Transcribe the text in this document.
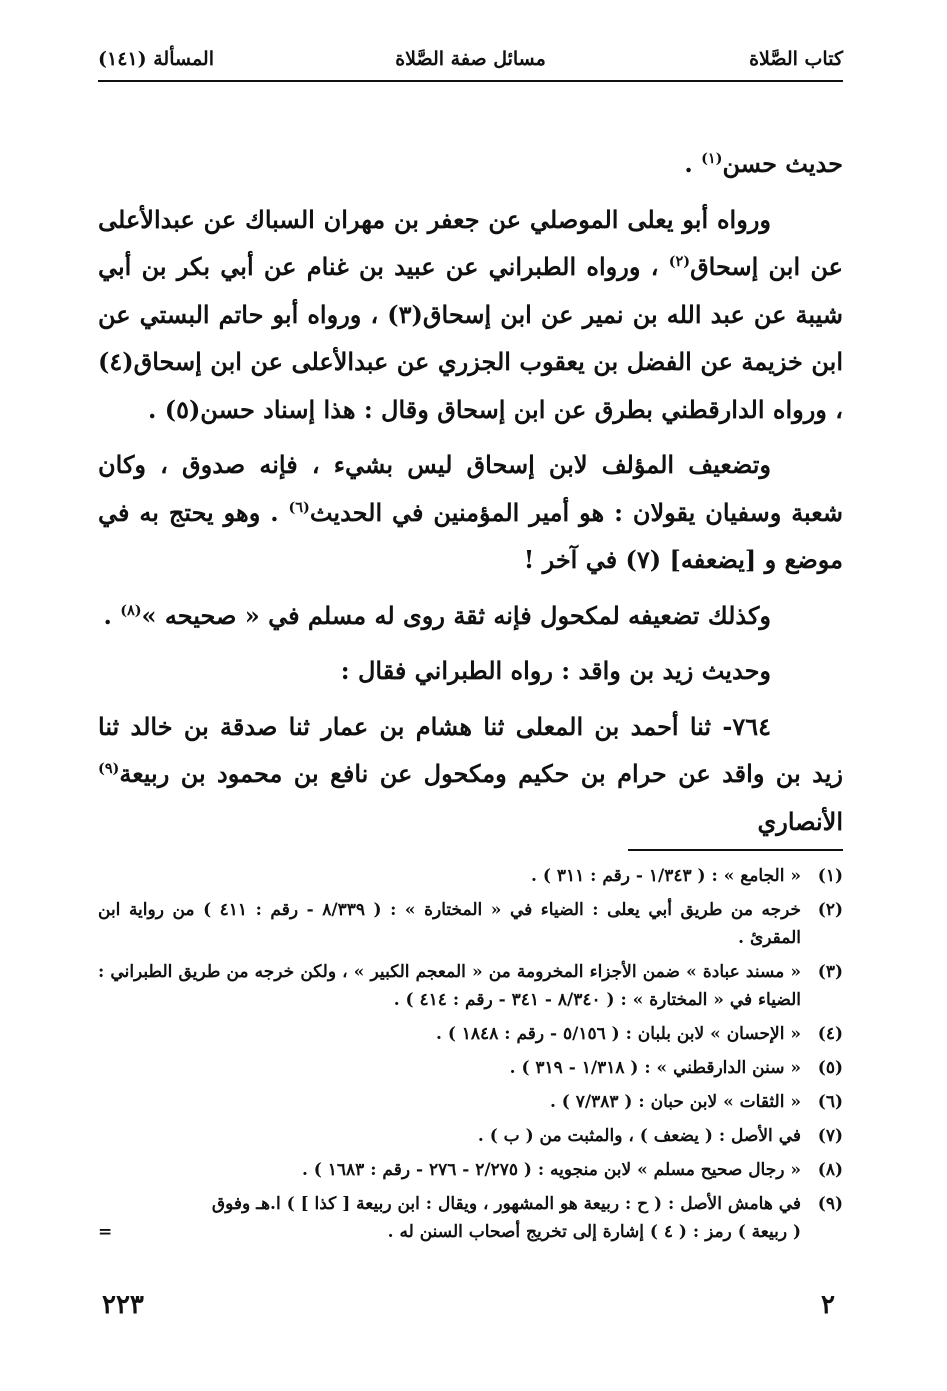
كتاب الصَّلاة
مسائل صفة الصَّلاة
المسألة (١٤١)

حديث حسن$^{(١)}$ .

ورواه أبو يعلى الموصلي عن جعفر بن مهران السباك عن عبدالأعلى عن ابن إسحاق$^{(٢)}$ ، ورواه الطبراني عن عبيد بن غنام عن أبي بكر بن أبي شيبة عن عبد الله بن نمير عن ابن إسحاق(٣) ، ورواه أبو حاتم البستي عن ابن خزيمة عن الفضل بن يعقوب الجزري عن عبدالأعلى عن ابن إسحاق(٤) ، ورواه الدارقطني بطرق عن ابن إسحاق وقال : هذا إسناد حسن(٥) .

وتضعيف المؤلف لابن إسحاق ليس بشيء ، فإنه صدوق ، وكان شعبة وسفيان يقولان : هو أمير المؤمنين في الحديث$^{(٦)}$ . وهو يحتج به في موضع و [يضعفه] (٧) في آخر !

وكذلك تضعيفه لمكحول فإنه ثقة روى له مسلم في « صحيحه »$^{(٨)}$ .

وحديث زيد بن واقد : رواه الطبراني فقال :

٧٦٤- ثنا أحمد بن المعلى ثنا هشام بن عمار ثنا صدقة بن خالد ثنا زيد بن واقد عن حرام بن حكيم ومكحول عن نافع بن محمود بن ربيعة$^{(٩)}$ الأنصاري

(١)
« الجامع » : ( ١/٣٤٣ - رقم : ٣١١ ) .
(٢)
خرجه من طريق أبي يعلى : الضياء في « المختارة » : ( ٨/٣٣٩ - رقم : ٤١١ ) من رواية ابن المقرئ .
(٣)
« مسند عبادة » ضمن الأجزاء المخرومة من « المعجم الكبير » ، ولكن خرجه من طريق الطبراني : الضياء في « المختارة » : ( ٨/٣٤٠ - ٣٤١ - رقم : ٤١٤ ) .
(٤)
« الإحسان » لابن بلبان : ( ٥/١٥٦ - رقم : ١٨٤٨ ) .
(٥)
« سنن الدارقطني » : ( ١/٣١٨ - ٣١٩ ) .
(٦)
« الثقات » لابن حبان : ( ٧/٣٨٣ ) .
(٧)
في الأصل : ( يضعف ) ، والمثبت من ( ب ) .
(٨)
« رجال صحيح مسلم » لابن منجويه : ( ٢/٢٧٥ - ٢٧٦ - رقم : ١٦٨٣ ) .
(٩)
في هامش الأصل : ( ح : ربيعة هو المشهور ، ويقال : ابن ربيعة [ كذا ] ) ا.هـ وفوق
( ربيعة ) رمز : ( ٤ ) إشارة إلى تخريج أصحاب السنن له .
=
٢
٢٢٣
